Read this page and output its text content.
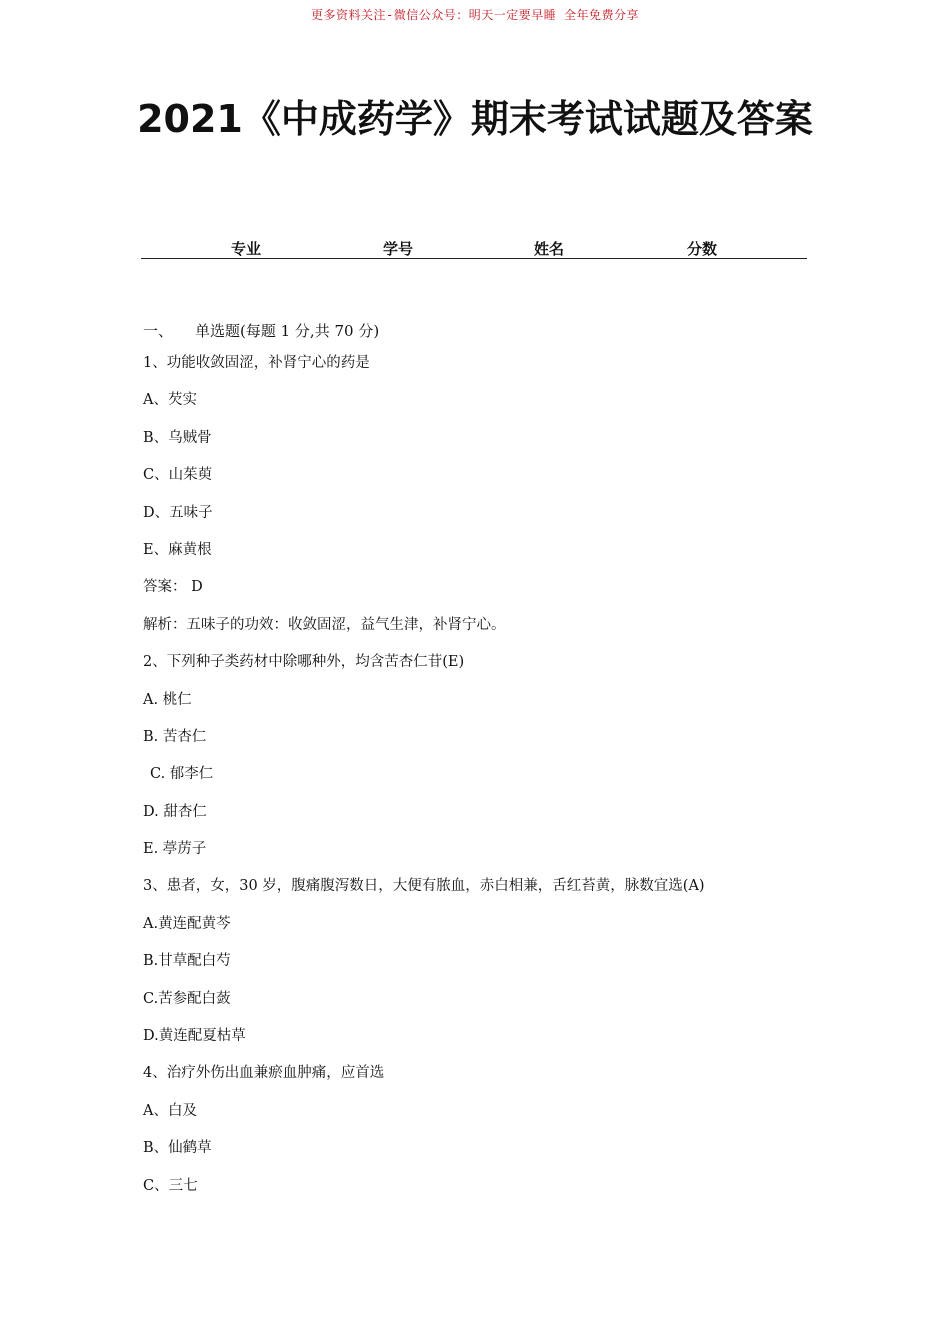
更多资料关注-微信公众号：明天一定要早睡 全年免费分享
2021《中成药学》期末考试试题及答案
专业	学号	姓名	分数
一、 单选题(每题 1 分,共 70 分)
1、功能收敛固涩，补肾宁心的药是
A、芡实
B、乌贼骨
C、山茱萸
D、五味子
E、麻黄根
答案： D
解析：五味子的功效：收敛固涩，益气生津，补肾宁心。
2、下列种子类药材中除哪种外，均含苦杏仁苷(E)
A. 桃仁
B. 苦杏仁
C. 郁李仁
D. 甜杏仁
E. 葶苈子
3、患者，女，30 岁，腹痛腹泻数日，大便有脓血，赤白相兼，舌红苔黄，脉数宜选(A)
A.黄连配黄芩
B.甘草配白芍
C.苦参配白蔹
D.黄连配夏枯草
4、治疗外伤出血兼瘀血肿痛，应首选
A、白及
B、仙鹤草
C、三七
